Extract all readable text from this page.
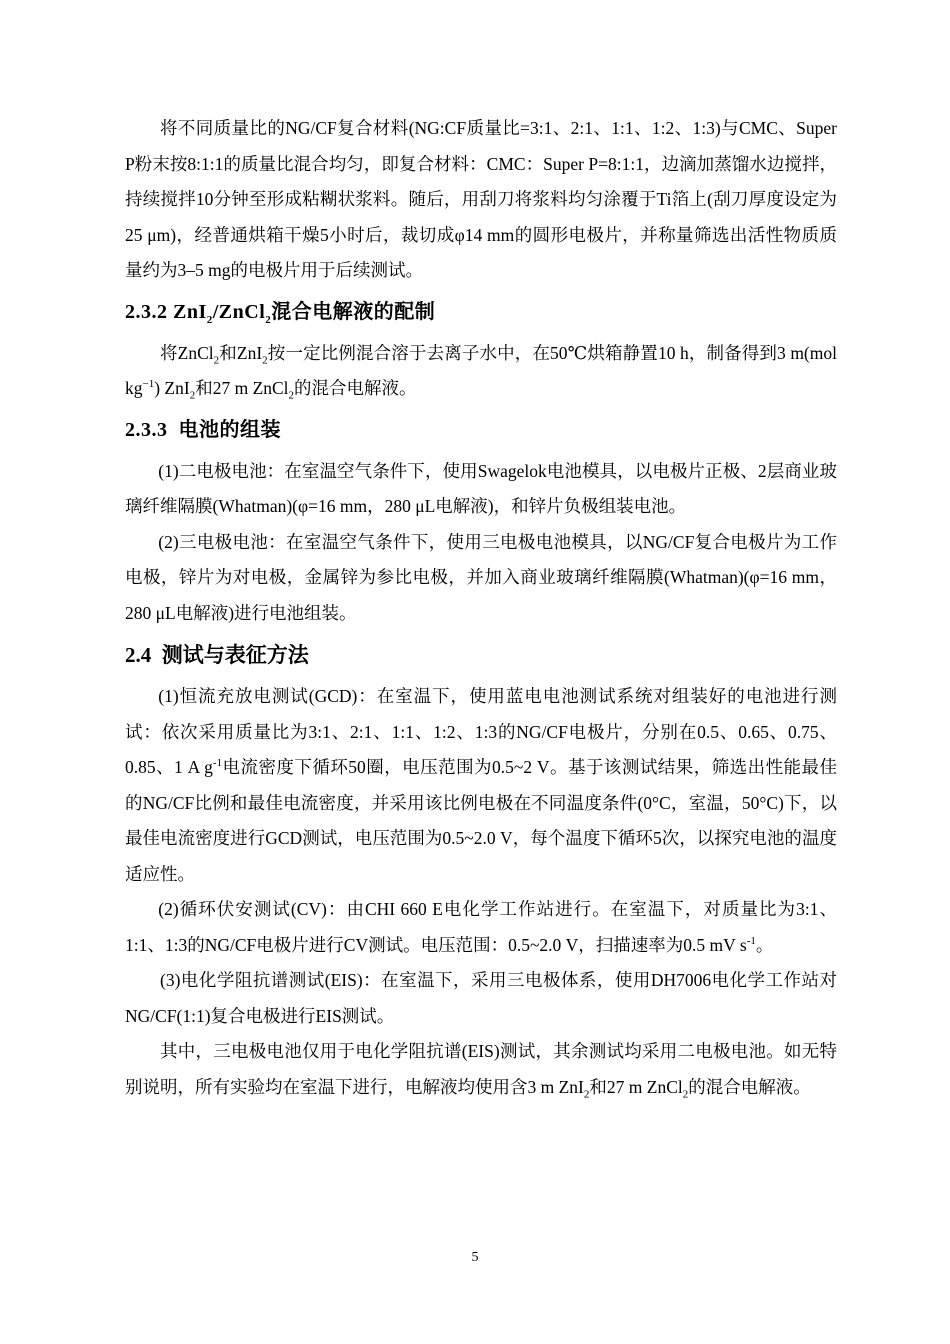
将不同质量比的NG/CF复合材料(NG:CF质量比=3:1、2:1、1:1、1:2、1:3)与CMC、Super P粉末按8:1:1的质量比混合均匀，即复合材料：CMC：Super P=8:1:1，边滴加蒸馏水边搅拌，持续搅拌10分钟至形成粘糊状浆料。随后，用刮刀将浆料均匀涂覆于Ti箔上(刮刀厚度设定为25 μm)，经普通烘箱干燥5小时后，裁切成φ14 mm的圆形电极片，并称量筛选出活性物质质量约为3–5 mg的电极片用于后续测试。

2.3.2 ZnI$_2$/ZnCl$_2$混合电解液的配制

将ZnCl$_2$和ZnI$_2$按一定比例混合溶于去离子水中，在50℃烘箱静置10 h，制备得到3 m(mol $kg^{-1}$) ZnI$_2$和27 m ZnCl$_2$的混合电解液。

2.3.3 电池的组装

(1)二电极电池：在室温空气条件下，使用Swagelok电池模具，以电极片正极、2层商业玻璃纤维隔膜(Whatman)(φ=16 mm，280 μL电解液)，和锌片负极组装电池。

(2)三电极电池：在室温空气条件下，使用三电极电池模具，以NG/CF复合电极片为工作电极，锌片为对电极，金属锌为参比电极，并加入商业玻璃纤维隔膜(Whatman)(φ=16 mm，280 μL电解液)进行电池组装。

2.4 测试与表征方法

(1)恒流充放电测试(GCD)：在室温下，使用蓝电电池测试系统对组装好的电池进行测试：依次采用质量比为3:1、2:1、1:1、1:2、1:3的NG/CF电极片，分别在0.5、0.65、0.75、0.85、1 A $g^{-1}$电流密度下循环50圈，电压范围为0.5~2 V。基于该测试结果，筛选出性能最佳的NG/CF比例和最佳电流密度，并采用该比例电极在不同温度条件(0°C，室温，50°C)下，以最佳电流密度进行GCD测试，电压范围为0.5~2.0 V，每个温度下循环5次，以探究电池的温度适应性。

(2)循环伏安测试(CV)：由CHI 660 E电化学工作站进行。在室温下，对质量比为3:1、1:1、1:3的NG/CF电极片进行CV测试。电压范围：0.5~2.0 V，扫描速率为0.5 mV $s^{-1}$。

(3)电化学阻抗谱测试(EIS)：在室温下，采用三电极体系，使用DH7006电化学工作站对NG/CF(1:1)复合电极进行EIS测试。

其中，三电极电池仅用于电化学阻抗谱(EIS)测试，其余测试均采用二电极电池。如无特别说明，所有实验均在室温下进行，电解液均使用含3 m ZnI$_2$和27 m ZnCl$_2$的混合电解液。

5
